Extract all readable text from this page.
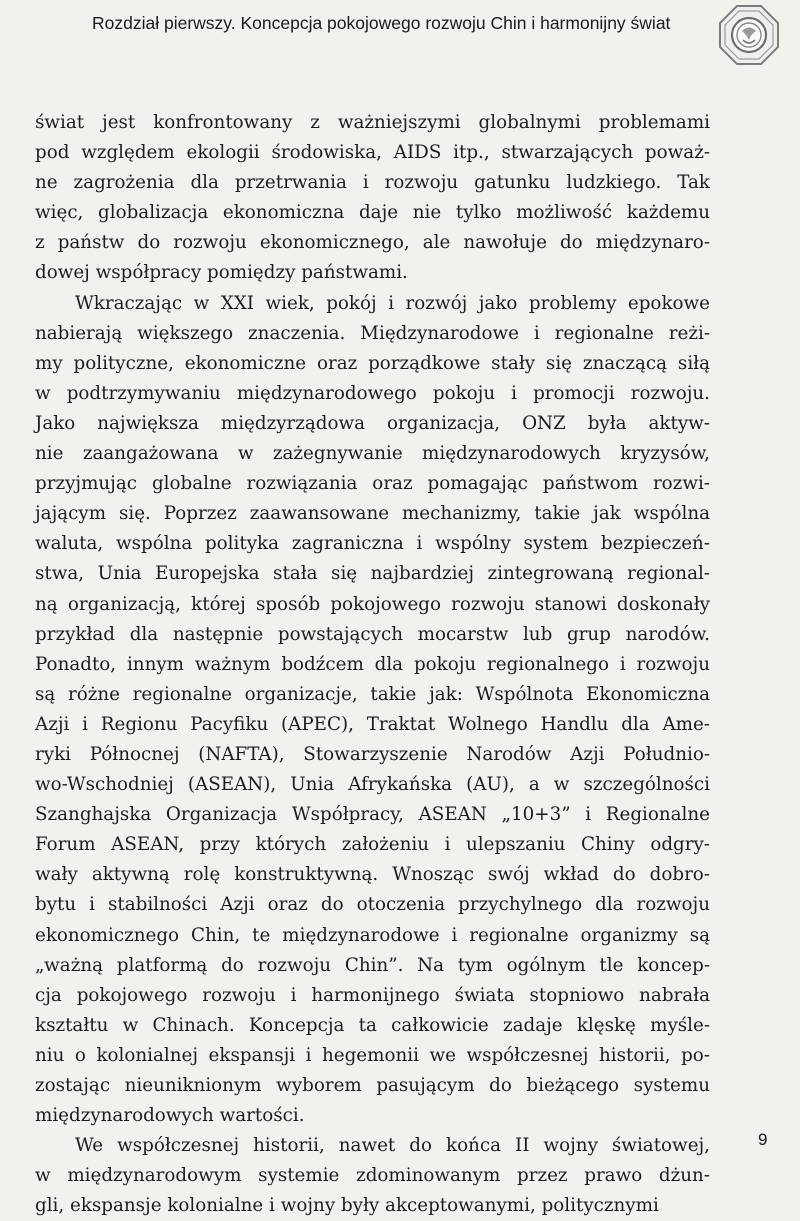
Rozdział pierwszy. Koncepcja pokojowego rozwoju Chin i harmonijny świat
świat jest konfrontowany z ważniejszymi globalnymi problemami
pod względem ekologii środowiska, AIDS itp., stwarzających poważ-
ne zagrożenia dla przetrwania i rozwoju gatunku ludzkiego. Tak
więc, globalizacja ekonomiczna daje nie tylko możliwość każdemu
z państw do rozwoju ekonomicznego, ale nawołuje do międzynaro-
dowej współpracy pomiędzy państwami.
Wkraczając w XXI wiek, pokój i rozwój jako problemy epokowe
nabierają większego znaczenia. Międzynarodowe i regionalne reżi-
my polityczne, ekonomiczne oraz porządkowe stały się znaczącą siłą
w podtrzymywaniu międzynarodowego pokoju i promocji rozwoju.
Jako największa międzyrządowa organizacja, ONZ była aktyw-
nie zaangażowana w zażegnywanie międzynarodowych kryzysów,
przyjmując globalne rozwiązania oraz pomagając państwom rozwi-
jającym się. Poprzez zaawansowane mechanizmy, takie jak wspólna
waluta, wspólna polityka zagraniczna i wspólny system bezpieczeń-
stwa, Unia Europejska stała się najbardziej zintegrowaną regional-
ną organizacją, której sposób pokojowego rozwoju stanowi doskonały
przykład dla następnie powstających mocarstw lub grup narodów.
Ponadto, innym ważnym bodźcem dla pokoju regionalnego i rozwoju
są różne regionalne organizacje, takie jak: Wspólnota Ekonomiczna
Azji i Regionu Pacyfiku (APEC), Traktat Wolnego Handlu dla Ame-
ryki Północnej (NAFTA), Stowarzyszenie Narodów Azji Południo-
wo-Wschodniej (ASEAN), Unia Afrykańska (AU), a w szczególności
Szanghajska Organizacja Współpracy, ASEAN „10+3” i Regionalne
Forum ASEAN, przy których założeniu i ulepszaniu Chiny odgry-
wały aktywną rolę konstruktywną. Wnosząc swój wkład do dobro-
bytu i stabilności Azji oraz do otoczenia przychylnego dla rozwoju
ekonomicznego Chin, te międzynarodowe i regionalne organizmy są
„ważną platformą do rozwoju Chin”. Na tym ogólnym tle koncep-
cja pokojowego rozwoju i harmonijnego świata stopniowo nabrała
kształtu w Chinach. Koncepcja ta całkowicie zadaje klęskę myśle-
niu o kolonialnej ekspansji i hegemonii we współczesnej historii, po-
zostając nieuniknionym wyborem pasującym do bieżącego systemu
międzynarodowych wartości.
We współczesnej historii, nawet do końca II wojny światowej,
w międzynarodowym systemie zdominowanym przez prawo dżun-
gli, ekspansje kolonialne i wojny były akceptowanymi, politycznymi
9
